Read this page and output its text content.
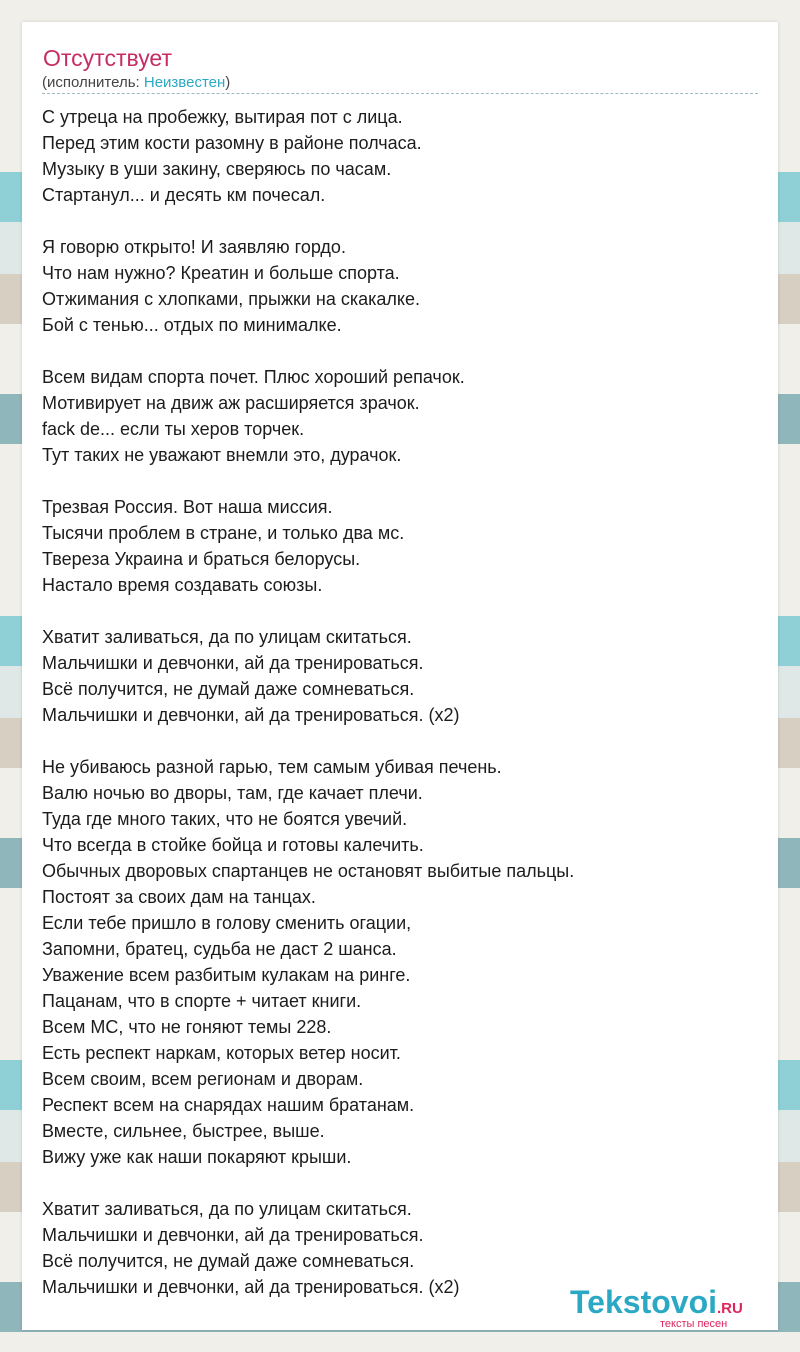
Отсутствует
(исполнитель: Неизвестен)
С утреца на пробежку, вытирая пот с лица.
Перед этим кости разомну в районе полчаса.
Музыку в уши закину, сверяюсь по часам.
Стартанул... и десять км почесал.
Я говорю открыто! И заявляю гордо.
Что нам нужно? Креатин и больше спорта.
Отжимания с хлопками, прыжки на скакалке.
Бой с тенью... отдых по минималке.
Всем видам спорта почет. Плюс хороший репачок.
Мотивирует на движ аж расширяется зрачок.
fack de... если ты херов торчек.
Тут таких не уважают внемли это, дурачок.
Трезвая Россия. Вот наша миссия.
Тысячи проблем в стране, и только два мс.
Твереза Украина и браться белорусы.
Настало время создавать союзы.
Хватит заливаться, да по улицам скитаться.
Мальчишки и девчонки, ай да тренироваться.
Всё получится, не думай даже сомневаться.
Мальчишки и девчонки, ай да тренироваться. (x2)
Не убиваюсь разной гарью, тем самым убивая печень.
Валю ночью во дворы, там, где качает плечи.
Туда где много таких, что не боятся увечий.
Что всегда в стойке бойца и готовы калечить.
Обычных дворовых спартанцев не остановят выбитые пальцы.
Постоят за своих дам на танцах.
Если тебе пришло в голову сменить огации,
Запомни, братец, судьба не даст 2 шанса.
Уважение всем разбитым кулакам на ринге.
Пацанам, что в спорте + читает книги.
Всем МС, что не гоняют темы 228.
Есть респект наркам, которых ветер носит.
Всем своим, всем регионам и дворам.
Респект всем на снарядах нашим братанам.
Вместе, сильнее, быстрее, выше.
Вижу уже как наши покаряют крыши.
Хватит заливаться, да по улицам скитаться.
Мальчишки и девчонки, ай да тренироваться.
Всё получится, не думай даже сомневаться.
Мальчишки и девчонки, ай да тренироваться. (x2)	Tekstovoi.RU
тексты песен
